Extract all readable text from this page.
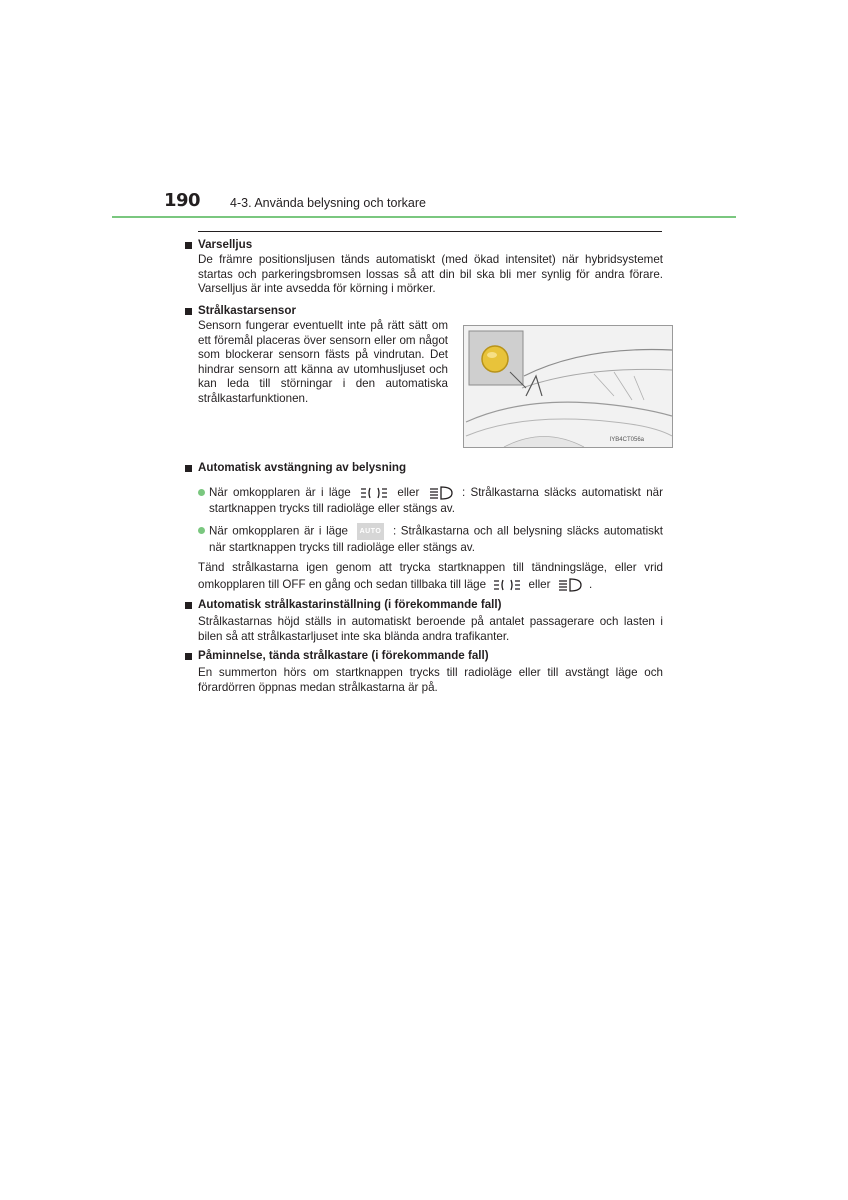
190 4-3. Använda belysning och torkare
Varselljus
De främre positionsljusen tänds automatiskt (med ökad intensitet) när hybridsystemet startas och parkeringsbromsen lossas så att din bil ska bli mer synlig för andra förare. Varselljus är inte avsedda för körning i mörker.
Strålkastarsensor
Sensorn fungerar eventuellt inte på rätt sätt om ett föremål placeras över sensorn eller om något som blockerar sensorn fästs på vindrutan. Det hindrar sensorn att känna av utomhusljuset och kan leda till störningar i den automatiska strålkastarfunktionen.
IYB4CT056a
Automatisk avstängning av belysning
När omkopplaren är i läge	eller	: Strålkastarna släcks automatiskt när startknappen trycks till radioläge eller stängs av.
När omkopplaren är i läge AUTO : Strålkastarna och all belysning släcks automatiskt när startknappen trycks till radioläge eller stängs av.
Tänd strålkastarna igen genom att trycka startknappen till tändningsläge, eller vrid omkopplaren till OFF en gång och sedan tillbaka till läge	eller	.
Automatisk strålkastarinställning (i förekommande fall)
Strålkastarnas höjd ställs in automatiskt beroende på antalet passagerare och lasten i bilen så att strålkastarljuset inte ska blända andra trafikanter.
Påminnelse, tända strålkastare (i förekommande fall)
En summerton hörs om startknappen trycks till radioläge eller till avstängt läge och förardörren öppnas medan strålkastarna är på.
